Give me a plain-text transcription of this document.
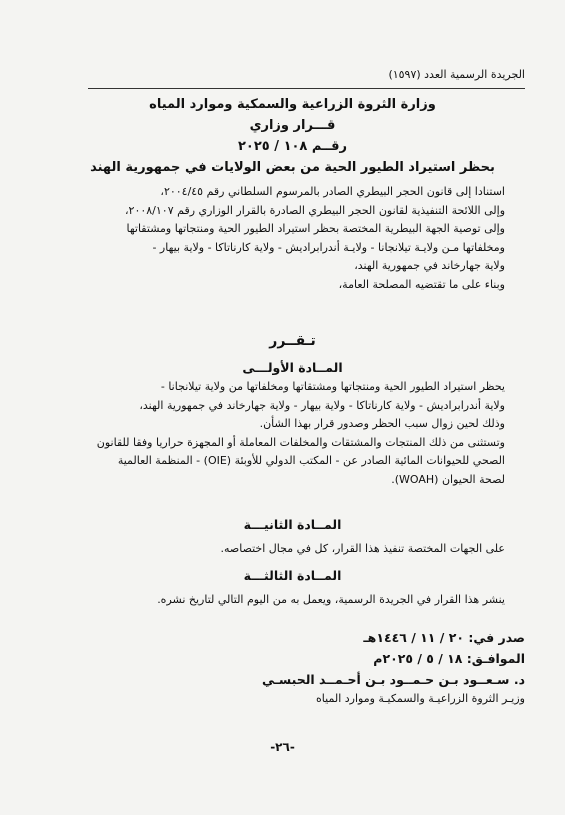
الجريدة الرسمية العدد (١٥٩٧)
وزارة الثروة الزراعية والسمكية وموارد المياه
قـــرار وزاري
رقــم ١٠٨ / ٢٠٢٥
بحظر استيراد الطيور الحية من بعض الولايات في جمهورية الهند

استنادا إلى قانون الحجر البيطري الصادر بالمرسوم السلطاني رقم ٢٠٠٤/٤٥،

وإلى اللائحة التنفيذية لقانون الحجر البيطري الصادرة بالقرار الوزاري رقم ٢٠٠٨/١٠٧،

وإلى توصية الجهة البيطرية المختصة بحظر استيراد الطيور الحية ومنتجاتها ومشتقاتها

ومخلفاتها مـن ولايـة تيلانجانا - ولايـة أندرابراديش - ولاية كارناتاكا - ولاية بيهار -

ولاية جهارخاند في جمهورية الهند،

وبناء على ما تقتضيه المصلحة العامة،

تـقــرر
المــادة الأولـــى

يحظر استيراد الطيور الحية ومنتجاتها ومشتقاتها ومخلفاتها من ولاية تيلانجانا -

ولاية أندرابراديش - ولاية كارناتاكا - ولاية بيهار - ولاية جهارخاند في جمهورية الهند،

وذلك لحين زوال سبب الحظر وصدور قرار بهذا الشأن.

وتستثنى من ذلك المنتجات والمشتقات والمخلفات المعاملة أو المجهزة حراريا وفقا للقانون

الصحي للحيوانات المائية الصادر عن - المكتب الدولي للأوبئة (OIE) - المنظمة العالمية

لصحة الحيوان (WOAH).

المــادة الثانيـــة

على الجهات المختصة تنفيذ هذا القرار، كل في مجال اختصاصه.

المــادة الثالثـــة

ينشر هذا القرار في الجريدة الرسمية، ويعمل به من اليوم التالي لتاريخ نشره.

صدر في: ٢٠ / ١١ / ١٤٤٦هـ
الموافـق: ١٨ / ٥ / ٢٠٢٥م
د. سـعــود بـن حـمــود بـن أحـمــد الحبسـي
وزيـر الثروة الزراعيـة والسمكيـة وموارد المياه
-٢٦-
